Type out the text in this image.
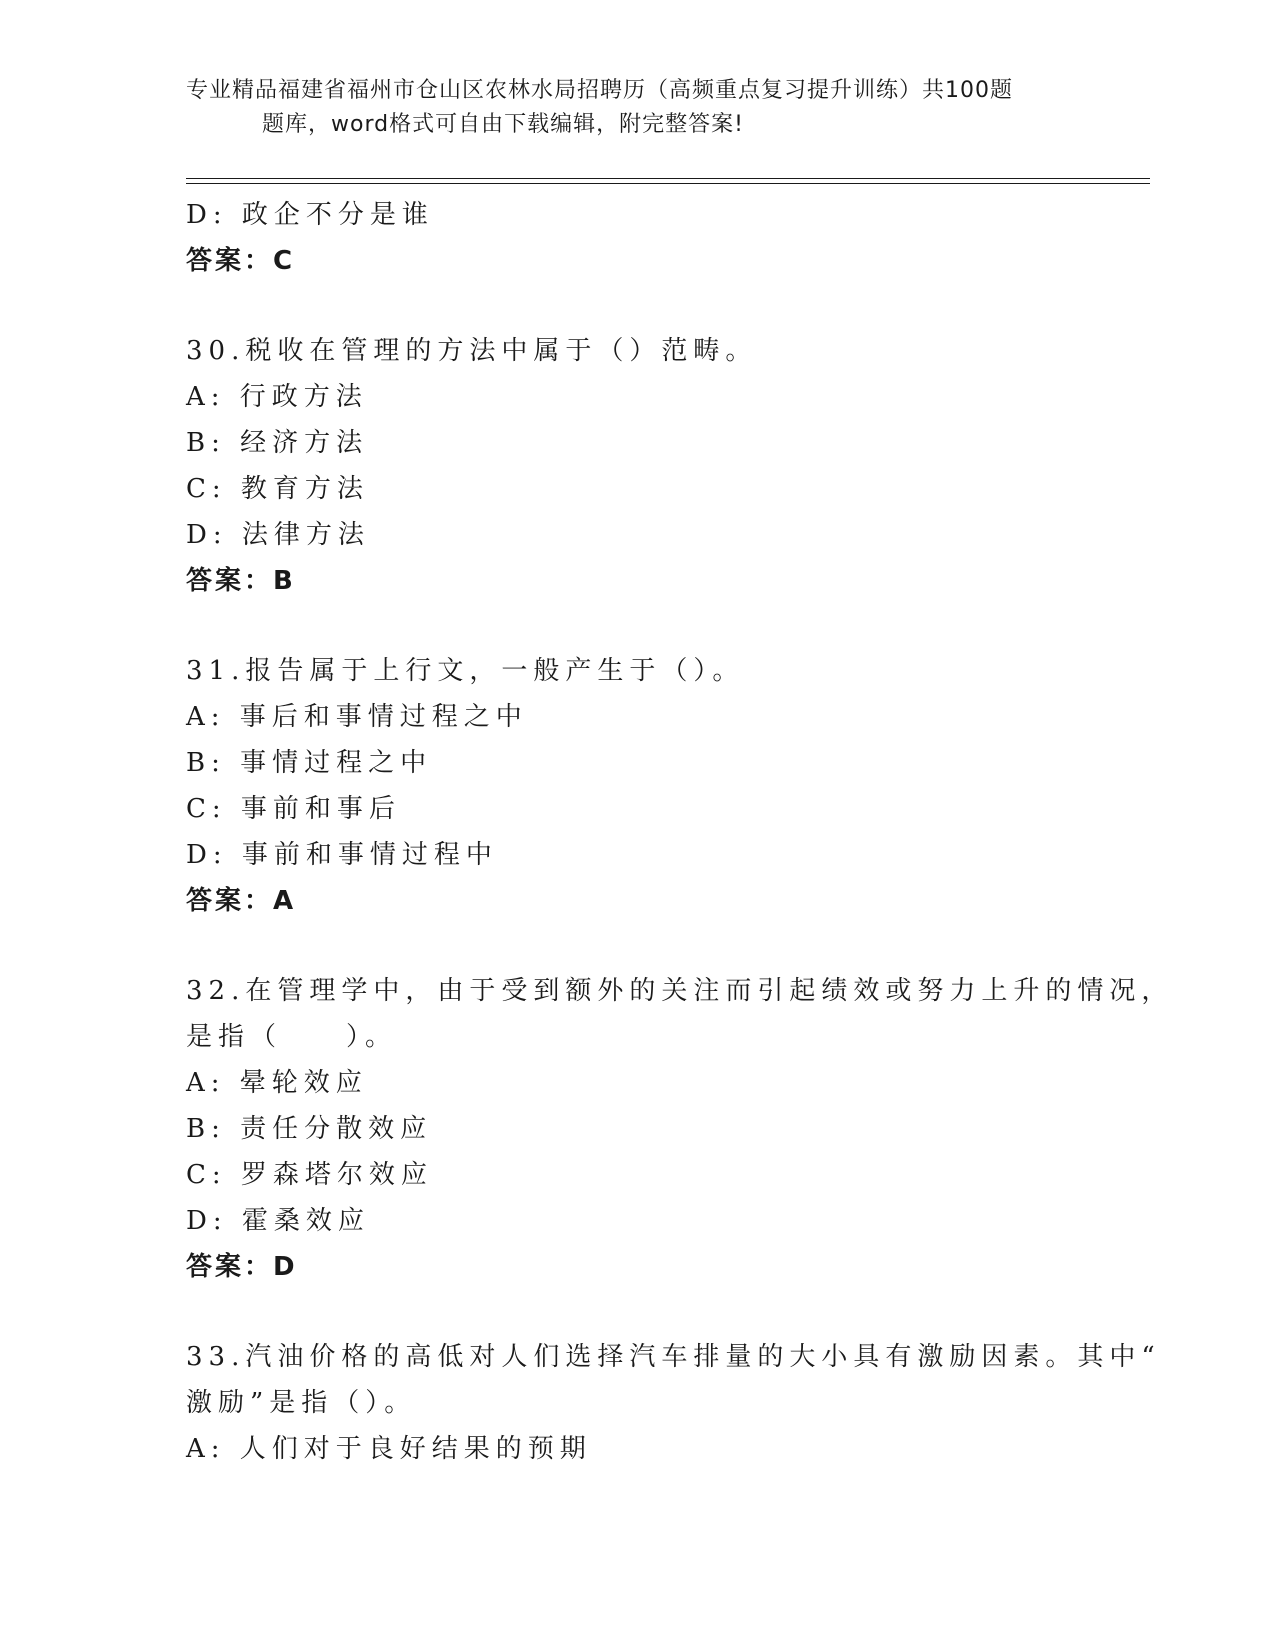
专业精品福建省福州市仓山区农林水局招聘历（高频重点复习提升训练）共100题
题库，word格式可自由下载编辑，附完整答案!
D: 政企不分是谁
答案：C
30.税收在管理的方法中属于（）范畴。
A: 行政方法
B: 经济方法
C: 教育方法
D: 法律方法
答案：B
31.报告属于上行文，一般产生于（）。
A: 事后和事情过程之中
B: 事情过程之中
C: 事前和事后
D: 事前和事情过程中
答案：A
32.在管理学中，由于受到额外的关注而引起绩效或努力上升的情况，
是指（　　）。
A: 晕轮效应
B: 责任分散效应
C: 罗森塔尔效应
D: 霍桑效应
答案：D
33.汽油价格的高低对人们选择汽车排量的大小具有激励因素。其中“
激励”是指（）。
A: 人们对于良好结果的预期
